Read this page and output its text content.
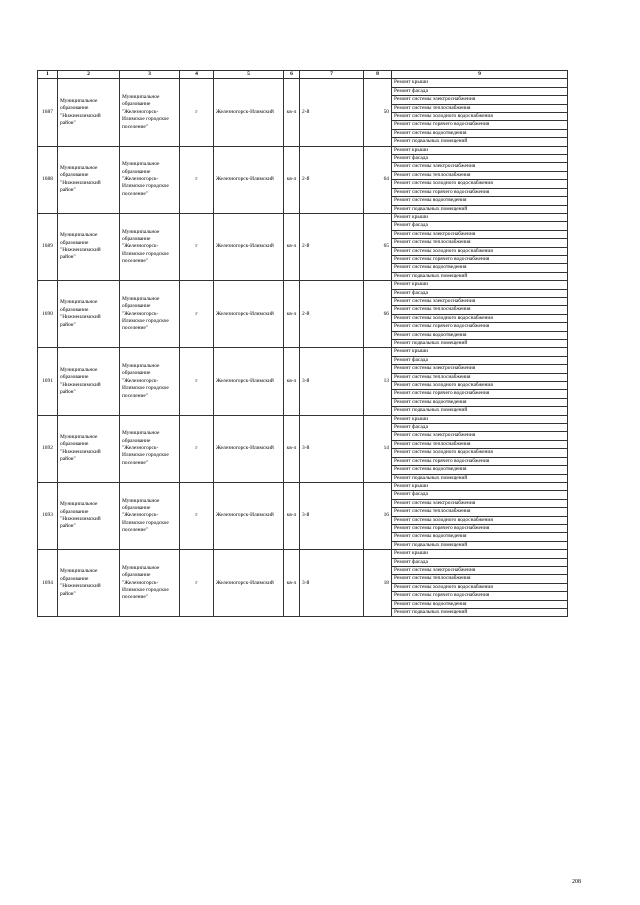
1	2	3	4	5	6	7	8	9
1687	Муниципальное образование "Нижнеилимский район"	Муниципальное образование "Железногорск-Илимское городское поселение"	г	Железногорск-Илимский	кв-л	2-й	50	Ремонт крыши
								Ремонт фасада
								Ремонт системы электроснабжения
								Ремонт системы теплоснабжения
								Ремонт системы холодного водоснабжения
								Ремонт системы горячего водоснабжения
								Ремонт системы водоотведения
								Ремонт подвальных помещений
1688	Муниципальное образование "Нижнеилимский район"	Муниципальное образование "Железногорск-Илимское городское поселение"	г	Железногорск-Илимский	кв-л	2-й	64	Ремонт крыши
								Ремонт фасада
								Ремонт системы электроснабжения
								Ремонт системы теплоснабжения
								Ремонт системы холодного водоснабжения
								Ремонт системы горячего водоснабжения
								Ремонт системы водоотведения
								Ремонт подвальных помещений
1689	Муниципальное образование "Нижнеилимский район"	Муниципальное образование "Железногорск-Илимское городское поселение"	г	Железногорск-Илимский	кв-л	2-й	65	Ремонт крыши
								Ремонт фасада
								Ремонт системы электроснабжения
								Ремонт системы теплоснабжения
								Ремонт системы холодного водоснабжения
								Ремонт системы горячего водоснабжения
								Ремонт системы водоотведения
								Ремонт подвальных помещений
1690	Муниципальное образование "Нижнеилимский район"	Муниципальное образование "Железногорск-Илимское городское поселение"	г	Железногорск-Илимский	кв-л	2-й	66	Ремонт крыши
								Ремонт фасада
								Ремонт системы электроснабжения
								Ремонт системы теплоснабжения
								Ремонт системы холодного водоснабжения
								Ремонт системы горячего водоснабжения
								Ремонт системы водоотведения
								Ремонт подвальных помещений
1691	Муниципальное образование "Нижнеилимский район"	Муниципальное образование "Железногорск-Илимское городское поселение"	г	Железногорск-Илимский	кв-л	3-й	13	Ремонт крыши
								Ремонт фасада
								Ремонт системы электроснабжения
								Ремонт системы теплоснабжения
								Ремонт системы холодного водоснабжения
								Ремонт системы горячего водоснабжения
								Ремонт системы водоотведения
								Ремонт подвальных помещений
1692	Муниципальное образование "Нижнеилимский район"	Муниципальное образование "Железногорск-Илимское городское поселение"	г	Железногорск-Илимский	кв-л	3-й	14	Ремонт крыши
								Ремонт фасада
								Ремонт системы электроснабжения
								Ремонт системы теплоснабжения
								Ремонт системы холодного водоснабжения
								Ремонт системы горячего водоснабжения
								Ремонт системы водоотведения
								Ремонт подвальных помещений
1693	Муниципальное образование "Нижнеилимский район"	Муниципальное образование "Железногорск-Илимское городское поселение"	г	Железногорск-Илимский	кв-л	3-й	16	Ремонт крыши
								Ремонт фасада
								Ремонт системы электроснабжения
								Ремонт системы теплоснабжения
								Ремонт системы холодного водоснабжения
								Ремонт системы горячего водоснабжения
								Ремонт системы водоотведения
								Ремонт подвальных помещений
1694	Муниципальное образование "Нижнеилимский район"	Муниципальное образование "Железногорск-Илимское городское поселение"	г	Железногорск-Илимский	кв-л	3-й	18	Ремонт крыши
								Ремонт фасада
								Ремонт системы электроснабжения
								Ремонт системы теплоснабжения
								Ремонт системы холодного водоснабжения
								Ремонт системы горячего водоснабжения
								Ремонт системы водоотведения
								Ремонт подвальных помещений
208
